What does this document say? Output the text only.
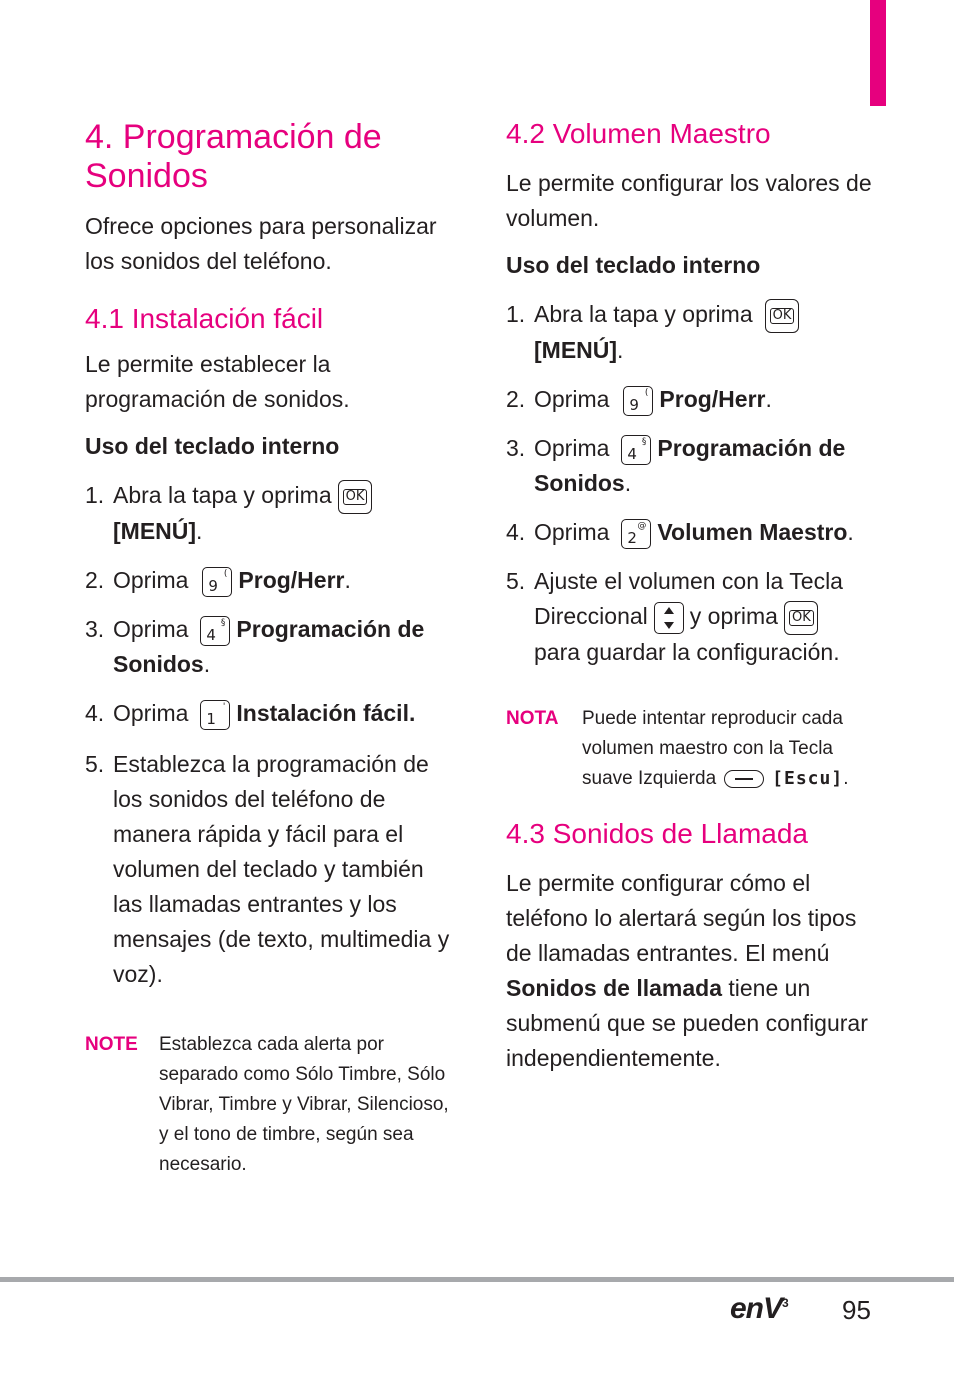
4. Programación de Sonidos

Ofrece opciones para personalizar los sonidos del teléfono.

4.1 Instalación fácil

Le permite establecer la programación de sonidos.

Uso del teclado interno

1. Abra la tapa y oprima OK

[MENÚ].
2. Oprima 9
( Prog/Herr.
3. Oprima 4
§ Programación de Sonidos.
4. Oprima 1
' Instalación fácil.
5. Establezca la programación de los sonidos del teléfono de manera rápida y fácil para el volumen del teclado y también las llamadas entrantes y los mensajes (de texto, multimedia y voz).
NOTE	Establezca cada alerta por separado como Sólo Timbre, Sólo Vibrar, Timbre y Vibrar, Silencioso, y el tono de timbre, según sea necesario.
4.2 Volumen Maestro

Le permite configurar los valores de volumen.

Uso del teclado interno

1. Abra la tapa y oprima OK

[MENÚ].
2. Oprima 9
( Prog/Herr.
3. Oprima 4
§ Programación de Sonidos.
4. Oprima 2
@ Volumen Maestro.
5. Ajuste el volumen con la Tecla Direccional y oprima OK

para guardar la configuración.
NOTA	Puede intentar reproducir cada volumen maestro con la Tecla suave Izquierda	[Escu].
4.3 Sonidos de Llamada

Le permite configurar cómo el teléfono lo alertará según los tipos de llamadas entrantes. El menú Sonidos de llamada tiene un submenú que se pueden configurar independientemente.

enV$^3$ 95
